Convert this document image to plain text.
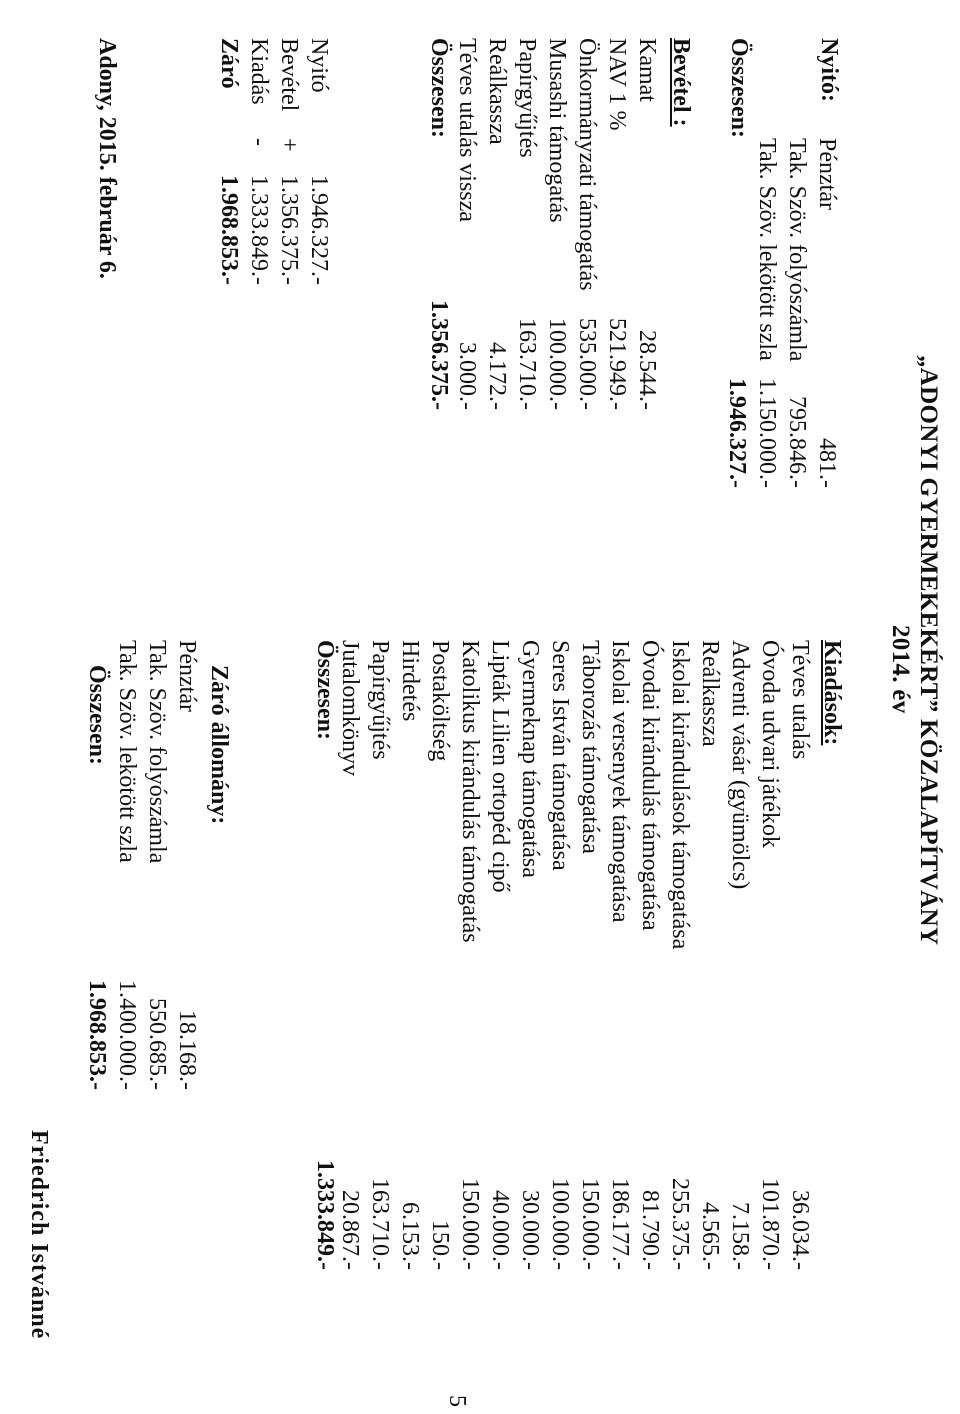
„ADONYI GYERMEKEKÉRT” KÖZALAPÍTVÁNY
2014. év
Nyitó:
Pénztár
Tak. Szöv. folyószámla
Tak. Szöv. lekötött szla
481.-
795.846.-
1.150.000.-
Összesen:
1.946.327.-
Bevétel :
Kamat
NAV 1 %
Önkormányzati támogatás
Musashi támogatás
Papírgyűjtés
Reálkassza
Téves utalás vissza
28.544.-
521.949.-
535.000.-
100.000.-
163.710.-
4.172.-
3.000.-
Összesen:
1.356.375.-
Nyitó
Bevétel
Kiadás
Záró
+
-
1.946.327.-
1.356.375.-
1.333.849.-
1.968.853.-
Adony, 2015. február 6.
Kiadások:
Téves utalás
Óvoda udvari játékok
Adventi vásár (gyümölcs)
Reálkassza
Iskolai kirándulások támogatása
Óvodai kirándulás támogatása
Iskolai versenyek támogatása
Táborozás támogatása
Seres István támogatása
Gyermeknap támogatása
Lipták Lilien ortopéd cipő
Katolikus kirándulás támogatás
Postaköltség
Hirdetés
Papírgyűjtés
Jutalomkönyv
36.034.-
101.870.-
7.158.-
4.565.-
255.375.-
81.790.-
186.177.-
150.000.-
100.000.-
30.000.-
40.000.-
150.000.-
150.-
6.153.-
163.710.-
20.867.-
Összesen:
1.333.849.-
Záró állomány:
Pénztár
Tak. Szöv. folyószámla
Tak. Szöv. lekötött szla
18.168.-
550.685.-
1.400.000.-
Összesen:
1.968.853.-
Friedrich Istvánné
5
